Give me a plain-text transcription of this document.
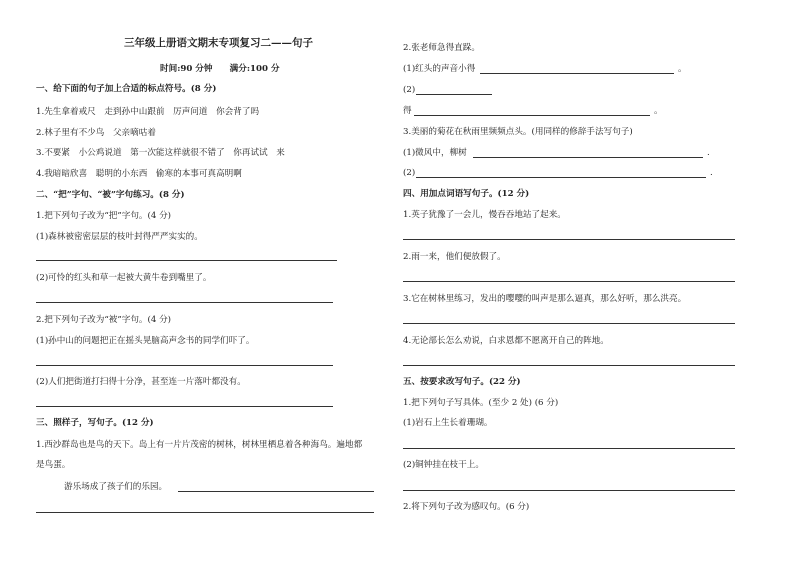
三年级上册语文期末专项复习二——句子
时间:90 分钟　　满分:100 分
一、给下面的句子加上合适的标点符号。(8 分)
1.先生拿着戒尺　走到孙中山跟前　厉声问道　你会背了吗
2.林子里有不少鸟　父亲嘀咕着
3.不要紧　小公鸡说道　第一次能这样就很不错了　你再试试　来
4.我暗暗欣喜　聪明的小东西　偷寒的本事可真高明啊
二、“把”字句、“被”字句练习。(8 分)
1.把下列句子改为“把”字句。(4 分)
(1)森林被密密层层的枝叶封得严严实实的。
(2)可怜的红头和草一起被大黄牛卷到嘴里了。
2.把下列句子改为“被”字句。(4 分)
(1)孙中山的问题把正在摇头晃脑高声念书的同学们吓了。
(2)人们把街道打扫得十分净，甚至连一片落叶都没有。
三、照样子，写句子。(12 分)
1.西沙群岛也是鸟的天下。岛上有一片片茂密的树林，树林里栖息着各种海鸟。遍地都
是鸟蛋。
游乐场成了孩子们的乐园。
2.张老师急得直跺。
(1)红头的声音小得	。
(2)
得	。
3.美丽的菊花在秋雨里频频点头。(用同样的修辞手法写句子)
(1)微风中，柳树	.
(2)	.
四、用加点词语写句子。(12 分)
1.英子犹豫了一会儿，慢吞吞地站了起来。
2.雨一来，他们便放假了。
3.它在树林里练习，发出的嘤嘤的叫声是那么逼真，那么好听，那么洪亮。
4.无论部长怎么劝说，白求恩都不愿离开自己的阵地。
五、按要求改写句子。(22 分)
1.把下列句子写具体。(至少 2 处) (6 分)
(1)岩石上生长着珊瑚。
(2)铜钟挂在枝干上。
2.将下列句子改为感叹句。(6 分)
